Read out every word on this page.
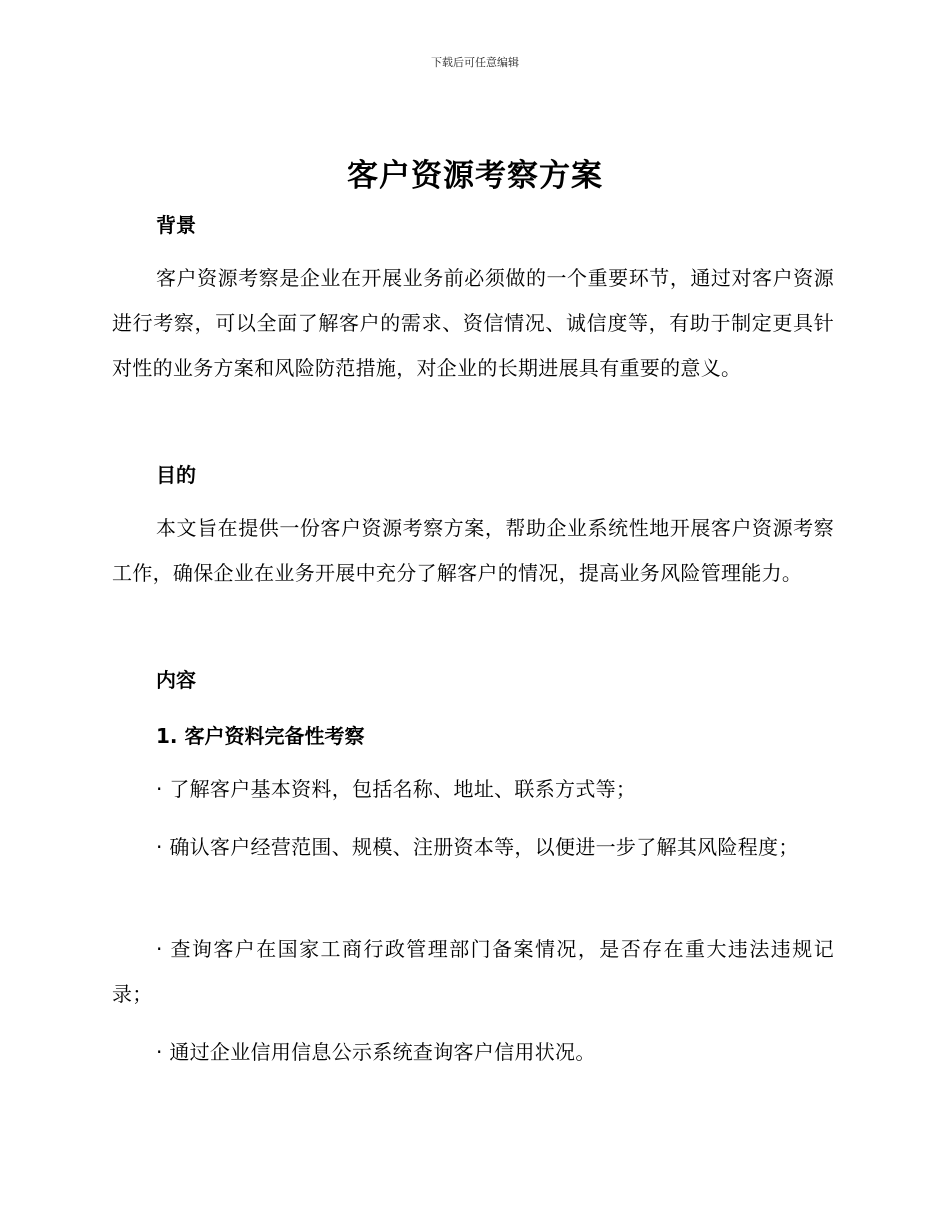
下载后可任意编辑
客户资源考察方案
背景

客户资源考察是企业在开展业务前必须做的一个重要环节，通过对客户资源进行考察，可以全面了解客户的需求、资信情况、诚信度等，有助于制定更具针对性的业务方案和风险防范措施，对企业的长期进展具有重要的意义。

目的

本文旨在提供一份客户资源考察方案，帮助企业系统性地开展客户资源考察工作，确保企业在业务开展中充分了解客户的情况，提高业务风险管理能力。

内容
1. 客户资料完备性考察

· 了解客户基本资料，包括名称、地址、联系方式等；

· 确认客户经营范围、规模、注册资本等，以便进一步了解其风险程度；

· 查询客户在国家工商行政管理部门备案情况，是否存在重大违法违规记录；

· 通过企业信用信息公示系统查询客户信用状况。
